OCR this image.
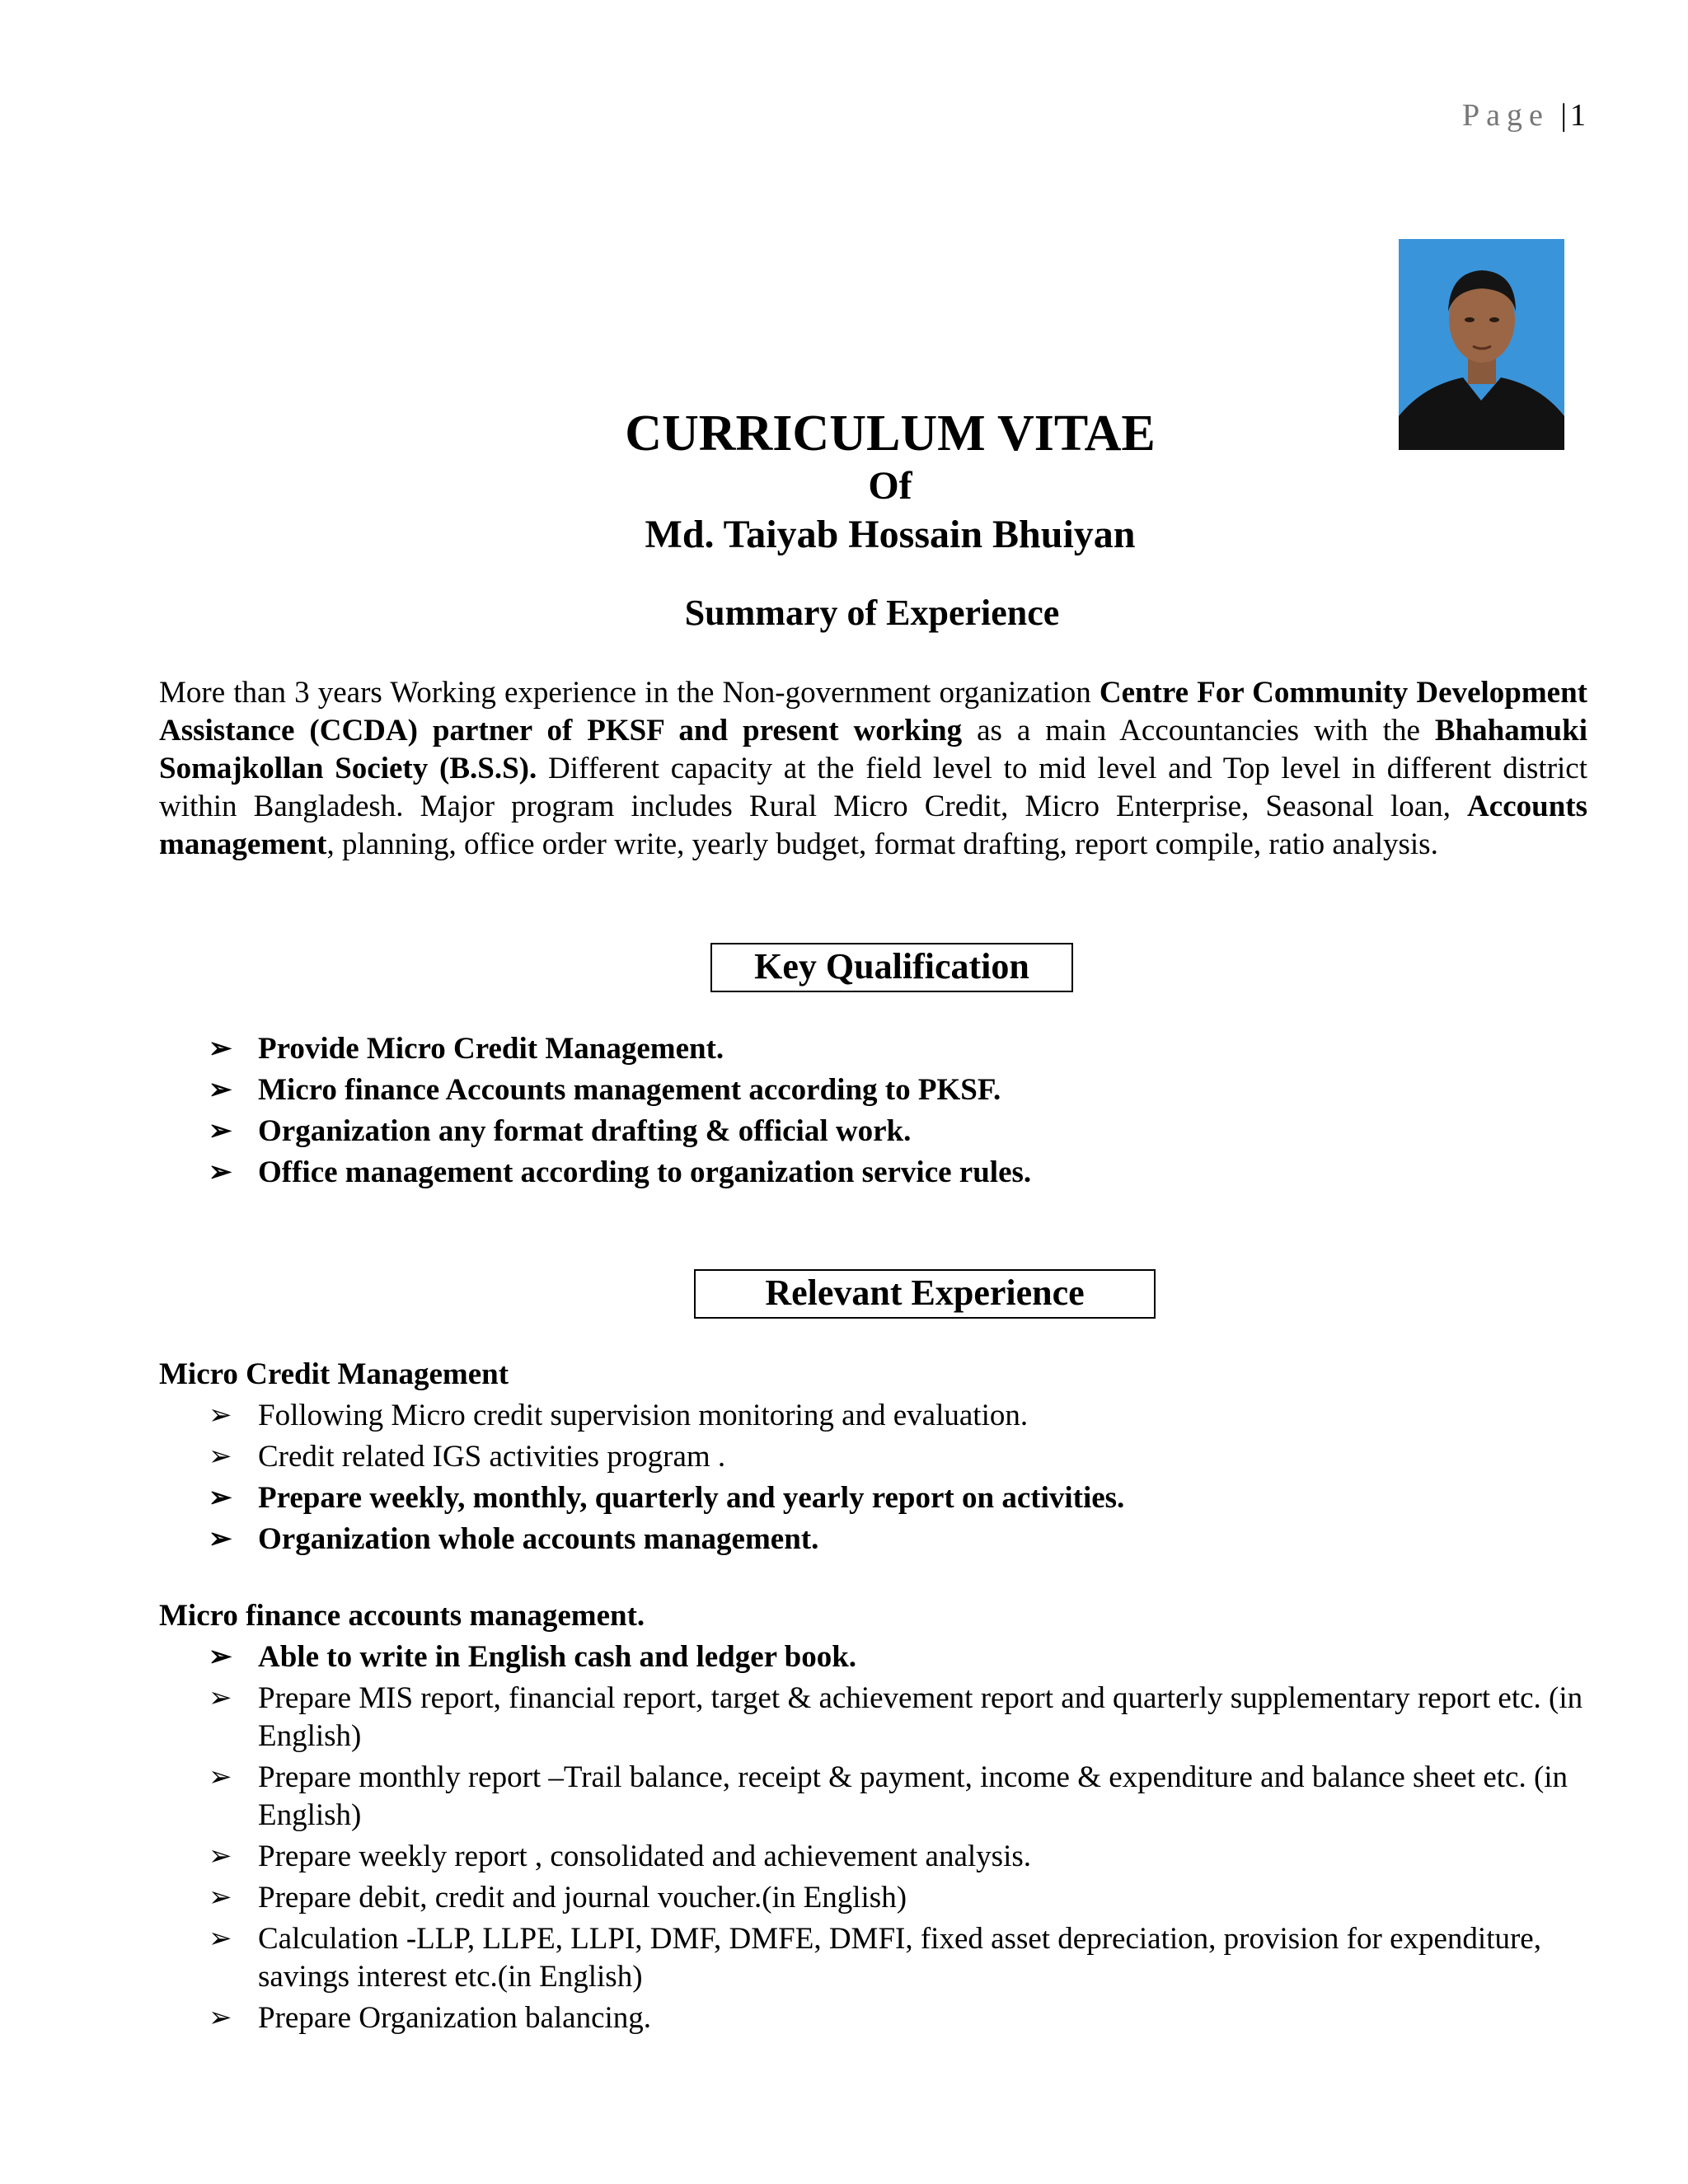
Page |1
CURRICULUM VITAE
Of
Md. Taiyab Hossain Bhuiyan
Summary of Experience
More than 3 years Working experience in the Non-government organization Centre For Community Development Assistance (CCDA) partner of PKSF and present working as a main Accountancies with the Bhahamuki Somajkollan Society (B.S.S). Different capacity at the field level to mid level and Top level in different district within Bangladesh. Major program includes Rural Micro Credit, Micro Enterprise, Seasonal loan, Accounts management, planning, office order write, yearly budget, format drafting, report compile, ratio analysis.
Key Qualification
➢ Provide Micro Credit Management.
➢ Micro finance Accounts management according to PKSF.
➢ Organization any format drafting & official work.
➢ Office management according to organization service rules.
Relevant Experience
Micro Credit Management
➢ Following Micro credit supervision monitoring and evaluation.
➢ Credit related IGS activities program .
➢ Prepare weekly, monthly, quarterly and yearly report on activities.
➢ Organization whole accounts management.
Micro finance accounts management.
➢ Able to write in English cash and ledger book.
➢ Prepare MIS report, financial report, target & achievement report and quarterly supplementary report etc. (in English)
➢ Prepare monthly report –Trail balance, receipt & payment, income & expenditure and balance sheet etc. (in English)
➢ Prepare weekly report , consolidated and achievement analysis.
➢ Prepare debit, credit and journal voucher.(in English)
➢ Calculation -LLP, LLPE, LLPI, DMF, DMFE, DMFI, fixed asset depreciation, provision for expenditure, savings interest etc.(in English)
➢ Prepare Organization balancing.
